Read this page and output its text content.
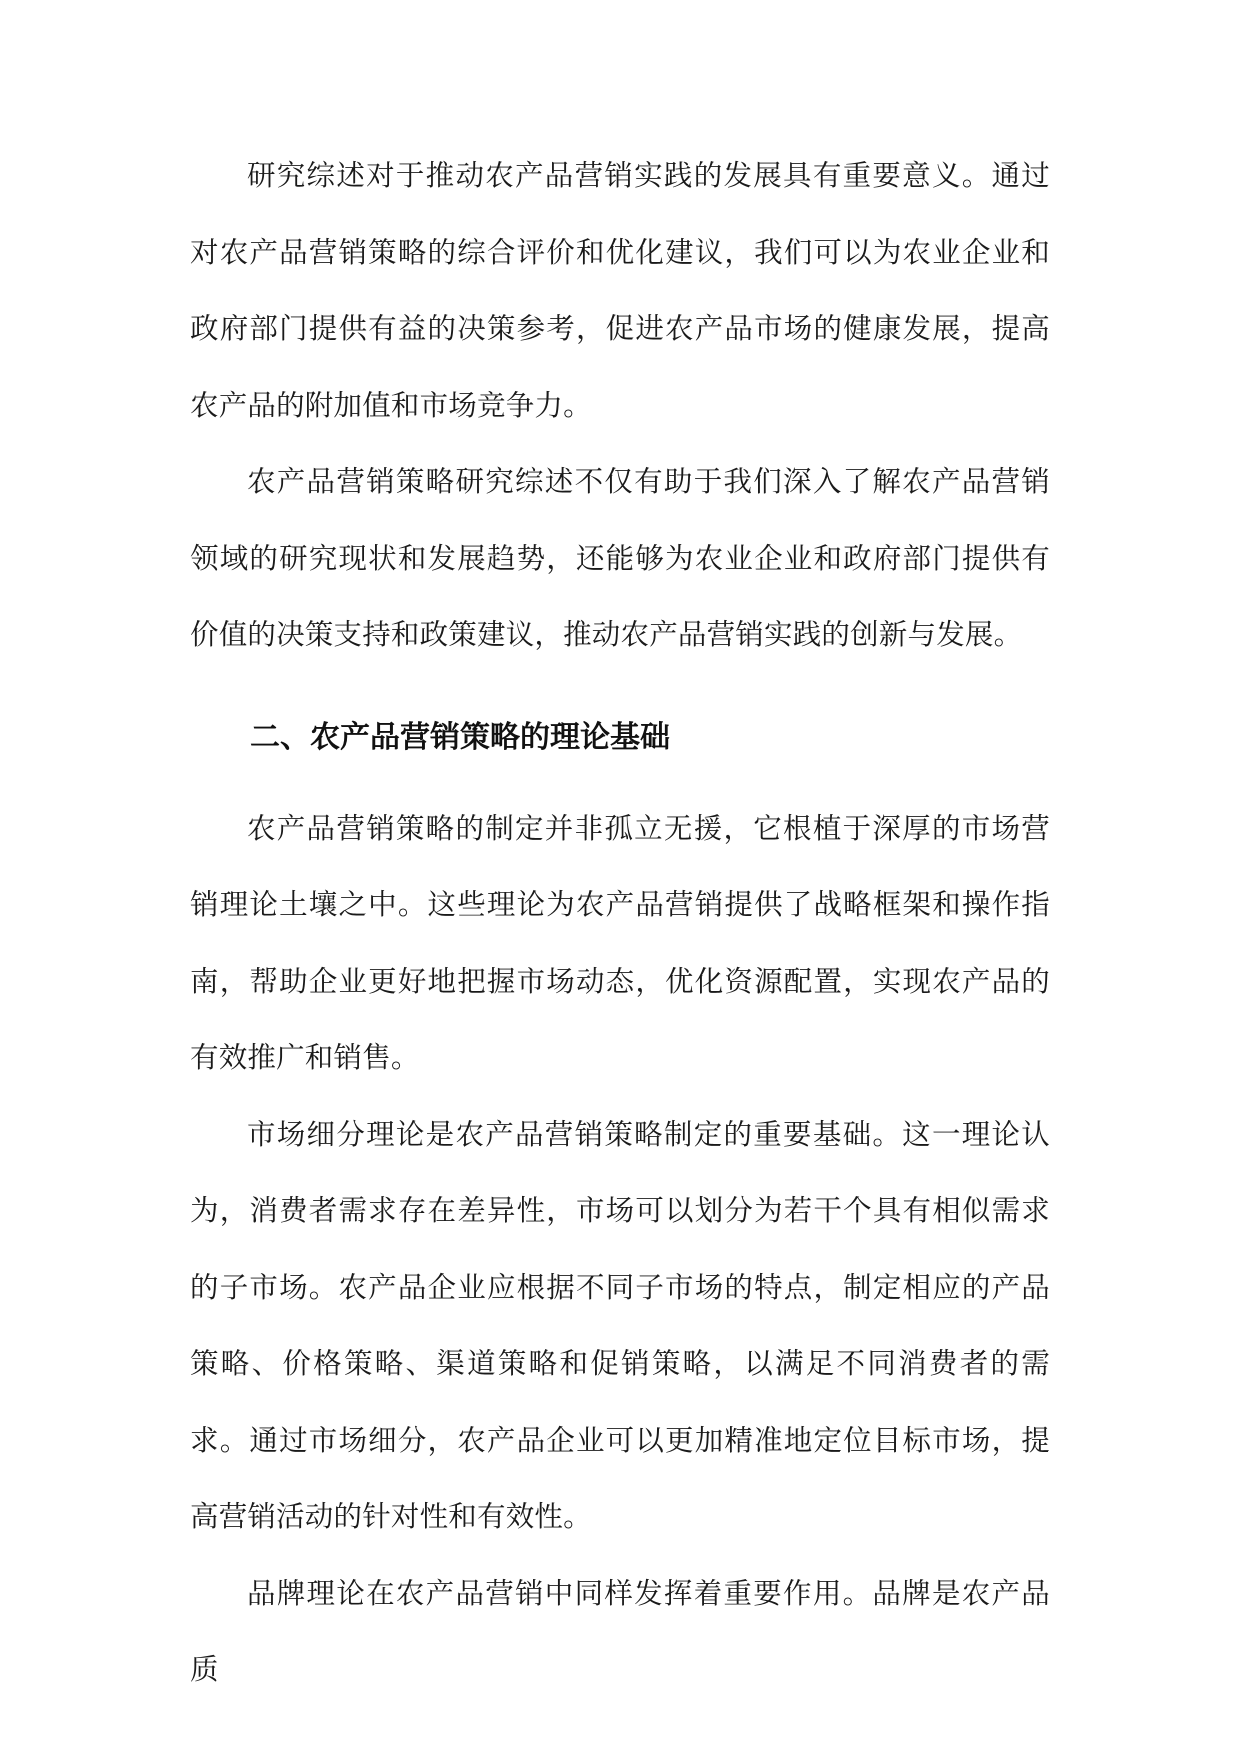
研究综述对于推动农产品营销实践的发展具有重要意义。通过对农产品营销策略的综合评价和优化建议，我们可以为农业企业和政府部门提供有益的决策参考，促进农产品市场的健康发展，提高农产品的附加值和市场竞争力。

农产品营销策略研究综述不仅有助于我们深入了解农产品营销领域的研究现状和发展趋势，还能够为农业企业和政府部门提供有价值的决策支持和政策建议，推动农产品营销实践的创新与发展。

二、农产品营销策略的理论基础

农产品营销策略的制定并非孤立无援，它根植于深厚的市场营销理论土壤之中。这些理论为农产品营销提供了战略框架和操作指南，帮助企业更好地把握市场动态，优化资源配置，实现农产品的有效推广和销售。

市场细分理论是农产品营销策略制定的重要基础。这一理论认为，消费者需求存在差异性，市场可以划分为若干个具有相似需求的子市场。农产品企业应根据不同子市场的特点，制定相应的产品策略、价格策略、渠道策略和促销策略，以满足不同消费者的需求。通过市场细分，农产品企业可以更加精准地定位目标市场，提高营销活动的针对性和有效性。

品牌理论在农产品营销中同样发挥着重要作用。品牌是农产品质
